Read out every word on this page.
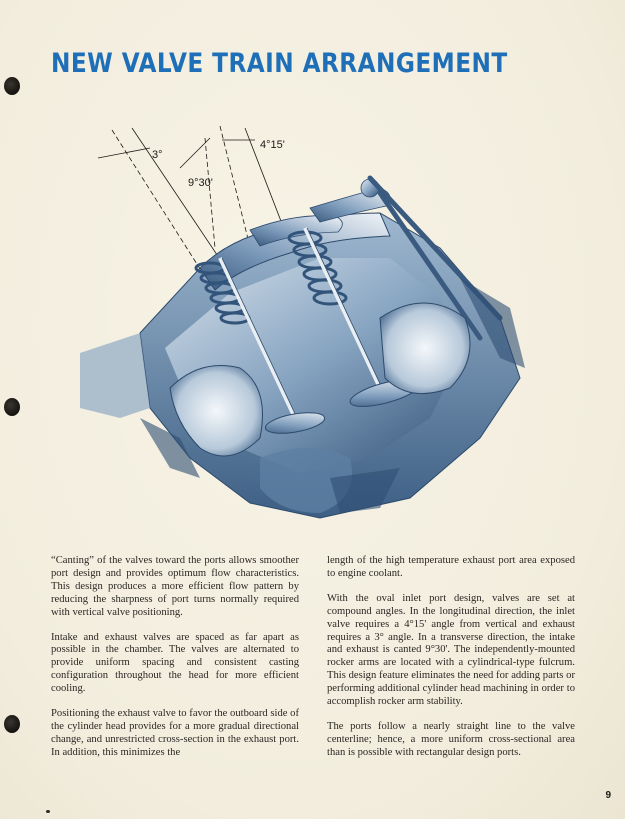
NEW VALVE TRAIN ARRANGEMENT
3°
4°15'
9°30'

“Canting” of the valves toward the ports allows smoother port design and provides optimum flow characteristics. This design produces a more efficient flow pattern by reducing the sharpness of port turns normally required with vertical valve positioning.

Intake and exhaust valves are spaced as far apart as possible in the chamber. The valves are alternated to provide uniform spacing and consistent casting configuration throughout the head for more efficient cooling.

Positioning the exhaust valve to favor the outboard side of the cylinder head provides for a more gradual directional change, and unrestricted cross-section in the exhaust port. In addition, this minimizes the

length of the high temperature exhaust port area exposed to engine coolant.

With the oval inlet port design, valves are set at compound angles. In the longitudinal direction, the inlet valve requires a 4°15' angle from vertical and exhaust requires a 3° angle. In a transverse direction, the intake and exhaust is canted 9°30'. The independently-mounted rocker arms are located with a cylindrical-type fulcrum. This design feature eliminates the need for adding parts or performing additional cylinder head machining in order to accomplish rocker arm stability.

The ports follow a nearly straight line to the valve centerline; hence, a more uniform cross-sectional area than is possible with rectangular design ports.

9
